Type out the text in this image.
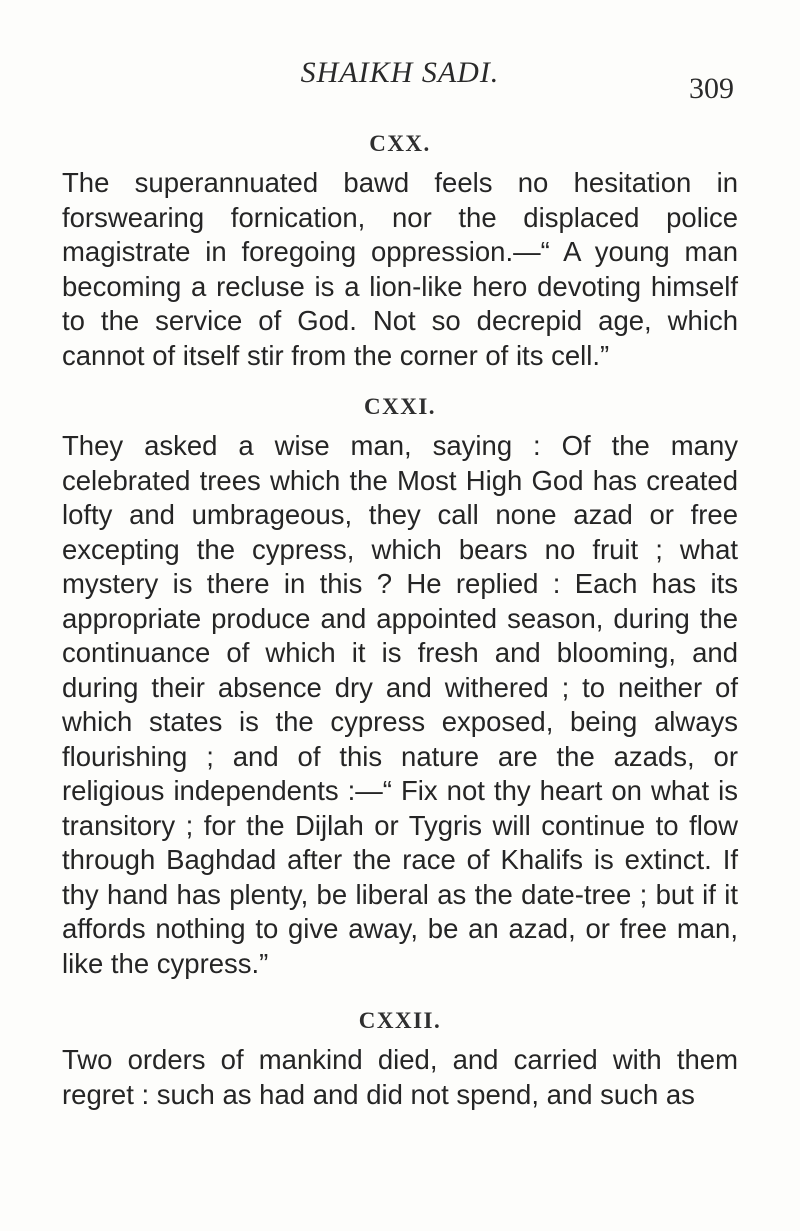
SHAIKH SADI.	309
CXX.

The superannuated bawd feels no hesitation in forswearing fornication, nor the displaced police magistrate in foregoing oppression.—“ A young man becoming a recluse is a lion-like hero devoting himself to the service of God. Not so decrepid age, which cannot of itself stir from the corner of its cell.”

CXXI.

They asked a wise man, saying : Of the many celebrated trees which the Most High God has created lofty and umbrageous, they call none azad or free excepting the cypress, which bears no fruit ; what mystery is there in this ? He replied : Each has its appropriate produce and appointed season, during the continuance of which it is fresh and blooming, and during their absence dry and withered ; to neither of which states is the cypress exposed, being always flourishing ; and of this nature are the azads, or religious independents :—“ Fix not thy heart on what is transitory ; for the Dijlah or Tygris will continue to flow through Baghdad after the race of Khalifs is extinct. If thy hand has plenty, be liberal as the date-tree ; but if it affords nothing to give away, be an azad, or free man, like the cypress.”

CXXII.

Two orders of mankind died, and carried with them regret : such as had and did not spend, and such as
